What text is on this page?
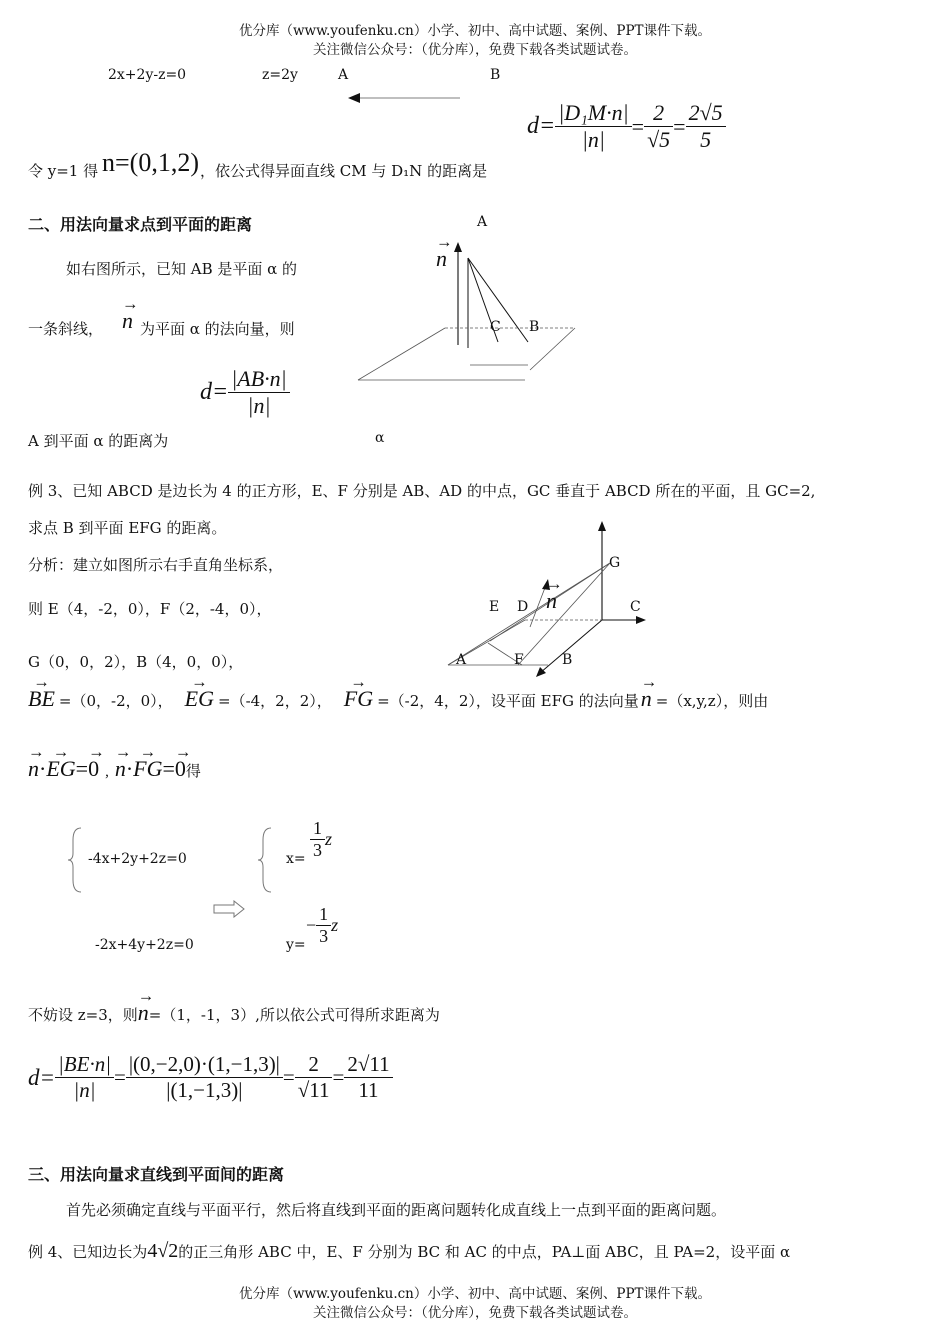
优分库（www.youfenku.cn）小学、初中、高中试题、案例、PPT课件下载。
关注微信公众号：（优分库），免费下载各类试题试卷。
2x+2y-z=0	z=2y	A	B
令 y=1 得 n=(0,1,2) ，依公式得异面直线 CM 与 D₁N 的距离是
$d= \frac{\text{|D₁M·n|}}{|n|} = \frac{2}{√5} = \frac{2√5}{5}$
二、用法向量求点到平面的距离
如右图所示，已知 AB 是平面 α 的
一条斜线， → n 为平面 α 的法向量，则
$d= \frac{|AB\cdot n|}{|n|}$
A 到平面 α 的距离为
A
→ n
C B
α
例 3、已知 ABCD 是边长为 4 的正方形，E、F 分别是 AB、AD 的中点，GC 垂直于 ABCD 所在的平面，且 GC=2,
求点 B 到平面 EFG 的距离。
分析：建立如图所示右手直角坐标系，
则 E（4，-2，0），F（2，-4，0），
G（0，0，2），B（4，0，0），
G
E D → n	C
A	F	B
→ BE =（0，-2，0）， → EG =（-4，2，2）， → FG =（-2，4，2），设平面 EFG 的法向量 → n =（x,y,z），则由
→ n · → EG = → 0 , → n · → FG = → 0 得
-4x+2y+2z=0
-2x+4y+2z=0
$x= \frac{1}{3}$ z
y=
− $\frac{1}{3}$ z
不妨设 z=3，则 → n =（1，-1，3）,所以依公式可得所求距离为
$d= \frac{|BE\cdot n|}{|n|} = \frac{|(0,-2,0)\cdot(1,-1,3)|}{|(1,-1,3)|} = \frac{2}{√11} = \frac{2√11}{11}$
三、用法向量求直线到平面间的距离
首先必须确定直线与平面平行，然后将直线到平面的距离问题转化成直线上一点到平面的距离问题。
例 4、已知边长为 4√2 的正三角形 ABC 中，E、F 分别为 BC 和 AC 的中点，PA⊥面 ABC，且 PA=2，设平面 α
优分库（www.youfenku.cn）小学、初中、高中试题、案例、PPT课件下载。
关注微信公众号：（优分库），免费下载各类试题试卷。
